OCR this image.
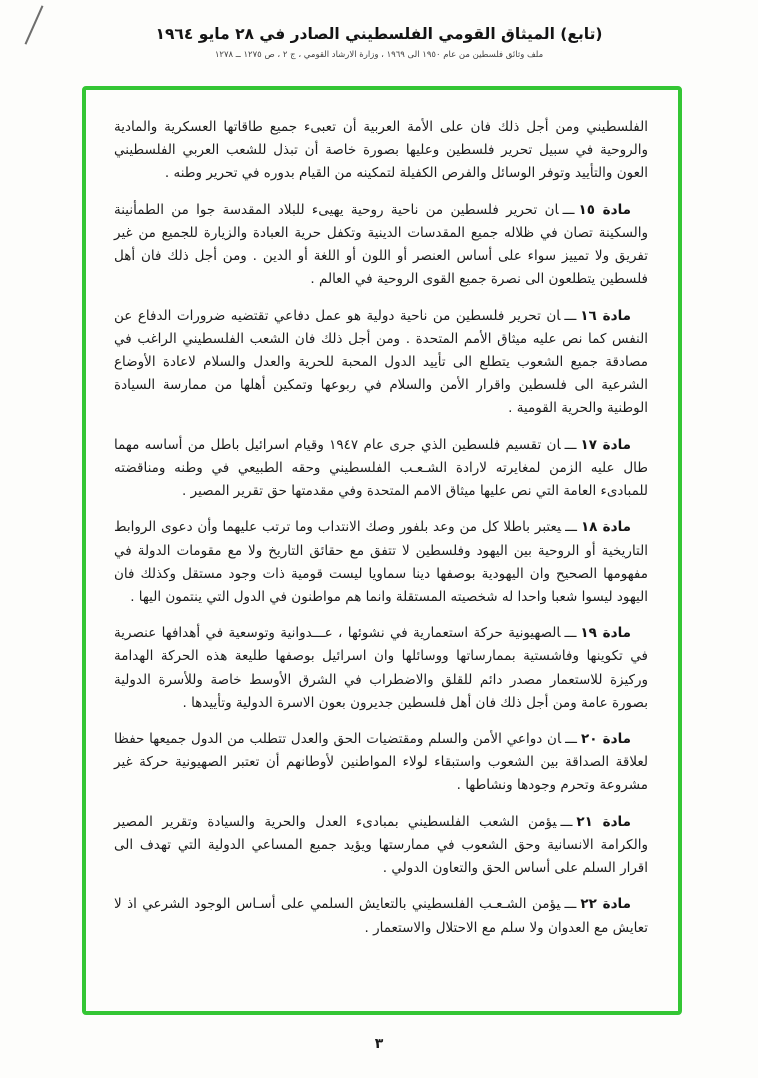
(تابع) الميثاق القومي الفلسطيني الصادر في ٢٨ مايو ١٩٦٤
ملف وثائق فلسطين من عام ١٩٥٠ الى ١٩٦٩ ، وزارة الارشاد القومي ، ج ٢ ، ص ١٢٧٥ ــ ١٢٧٨

الفلسطيني ومن أجل ذلك فان على الأمة العربية أن تعبىء جميع طاقاتها العسكرية والمادية والروحية في سبيل تحرير فلسطين وعليها بصورة خاصة أن تبذل للشعب العربي الفلسطيني العون والتأييد وتوفر الوسائل والفرص الكفيلة لتمكينه من القيام بدوره في تحرير وطنه .

مادة ١٥ـــان تحرير فلسطين من ناحية روحية يهيىء للبلاد المقدسة جوا من الطمأنينة والسكينة تصان في ظلاله جميع المقدسات الدينية وتكفل حرية العبادة والزيارة للجميع من غير تفريق ولا تمييز سواء على أساس العنصر أو اللون أو اللغة أو الدين . ومن أجل ذلك فان أهل فلسطين يتطلعون الى نصرة جميع القوى الروحية في العالم .

مادة ١٦ـــان تحرير فلسطين من ناحية دولية هو عمل دفاعي تقتضيه ضرورات الدفاع عن النفس كما نص عليه ميثاق الأمم المتحدة . ومن أجل ذلك فان الشعب الفلسطيني الراغب في مصادقة جميع الشعوب يتطلع الى تأييد الدول المحبة للحرية والعدل والسلام لاعادة الأوضاع الشرعية الى فلسطين واقرار الأمن والسلام في ربوعها وتمكين أهلها من ممارسة السيادة الوطنية والحرية القومية .

مادة ١٧ـــان تقسيم فلسطين الذي جرى عام ١٩٤٧ وقيام اسرائيل باطل من أساسه مهما طال عليه الزمن لمغايرته لارادة الشـعـب الفلسطيني وحقه الطبيعي في وطنه ومناقضته للمبادىء العامة التي نص عليها ميثاق الامم المتحدة وفي مقدمتها حق تقرير المصير .

مادة ١٨ـــيعتبر باطلا كل من وعد بلفور وصك الانتداب وما ترتب عليهما وأن دعوى الروابط التاريخية أو الروحية بين اليهود وفلسطين لا تتفق مع حقائق التاريخ ولا مع مقومات الدولة في مفهومها الصحيح وان اليهودية بوصفها دينا سماويا ليست قومية ذات وجود مستقل وكذلك فان اليهود ليسوا شعبا واحدا له شخصيته المستقلة وانما هم مواطنون في الدول التي ينتمون اليها .

مادة ١٩ـــالصهيونية حركة استعمارية في نشوئها ، عـــدوانية وتوسعية في أهدافها عنصرية في تكوينها وفاشستية بممارساتها ووسائلها وان اسرائيل بوصفها طليعة هذه الحركة الهدامة وركيزة للاستعمار مصدر دائم للقلق والاضطراب في الشرق الأوسط خاصة وللأسرة الدولية بصورة عامة ومن أجل ذلك فان أهل فلسطين جديرون بعون الاسرة الدولية وتأييدها .

مادة ٢٠ـــان دواعي الأمن والسلم ومقتضيات الحق والعدل تتطلب من الدول جميعها حفظا لعلاقة الصداقة بين الشعوب واستبقاء لولاء المواطنين لأوطانهم أن تعتبر الصهيونية حركة غير مشروعة وتحرم وجودها ونشاطها .

مادة ٢١ـــيؤمن الشعب الفلسطيني بمبادىء العدل والحرية والسيادة وتقرير المصير والكرامة الانسانية وحق الشعوب في ممارستها ويؤيد جميع المساعي الدولية التي تهدف الى اقرار السلم على أساس الحق والتعاون الدولي .

مادة ٢٢ـــيؤمن الشـعـب الفلسطيني بالتعايش السلمي على أسـاس الوجود الشرعي اذ لا تعايش مع العدوان ولا سلم مع الاحتلال والاستعمار .

٣
